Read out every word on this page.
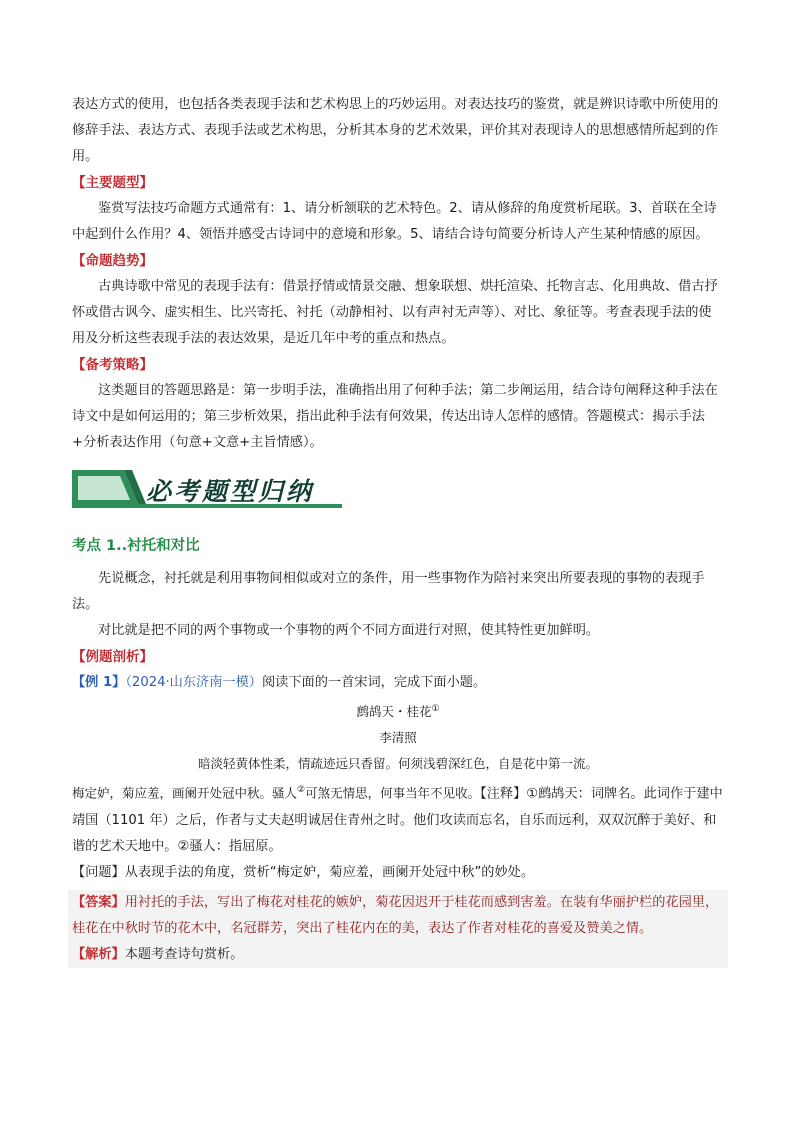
表达方式的使用，也包括各类表现手法和艺术构思上的巧妙运用。对表达技巧的鉴赏，就是辨识诗歌中所使用的修辞手法、表达方式、表现手法或艺术构思，分析其本身的艺术效果，评价其对表现诗人的思想感情所起到的作用。

【主要题型】

鉴赏写法技巧命题方式通常有：1、请分析颔联的艺术特色。2、请从修辞的角度赏析尾联。3、首联在全诗中起到什么作用？4、领悟并感受古诗词中的意境和形象。5、请结合诗句简要分析诗人产生某种情感的原因。

【命题趋势】

古典诗歌中常见的表现手法有：借景抒情或情景交融、想象联想、烘托渲染、托物言志、化用典故、借古抒怀或借古讽今、虚实相生、比兴寄托、衬托（动静相衬、以有声衬无声等）、对比、象征等。考查表现手法的使用及分析这些表现手法的表达效果，是近几年中考的重点和热点。

【备考策略】

这类题目的答题思路是：第一步明手法，准确指出用了何种手法；第二步阐运用，结合诗句阐释这种手法在诗文中是如何运用的；第三步析效果，指出此种手法有何效果，传达出诗人怎样的感情。答题模式：揭示手法+分析表达作用（句意+文意+主旨情感）。

必考题型归纳

考点 1..衬托和对比

先说概念，衬托就是利用事物间相似或对立的条件，用一些事物作为陪衬来突出所要表现的事物的表现手法。

对比就是把不同的两个事物或一个事物的两个不同方面进行对照，使其特性更加鲜明。

【例题剖析】

【例 1】（2024·山东济南一模）阅读下面的一首宋词，完成下面小题。

鹧鸪天・桂花①

李清照

暗淡轻黄体性柔，情疏迹远只香留。何须浅碧深红色，自是花中第一流。

梅定妒，菊应羞，画阑开处冠中秋。骚人②可煞无情思，何事当年不见收。【注释】①鹧鸪天：词牌名。此词作于建中靖国（1101 年）之后，作者与丈夫赵明诚居住青州之时。他们攻读而忘名，自乐而远利，双双沉醉于美好、和谐的艺术天地中。②骚人：指屈原。

【问题】从表现手法的角度，赏析“梅定妒，菊应羞，画阑开处冠中秋”的妙处。

【答案】用衬托的手法，写出了梅花对桂花的嫉妒，菊花因迟开于桂花而感到害羞。在装有华丽护栏的花园里，桂花在中秋时节的花木中，名冠群芳，突出了桂花内在的美，表达了作者对桂花的喜爱及赞美之情。

【解析】本题考查诗句赏析。
